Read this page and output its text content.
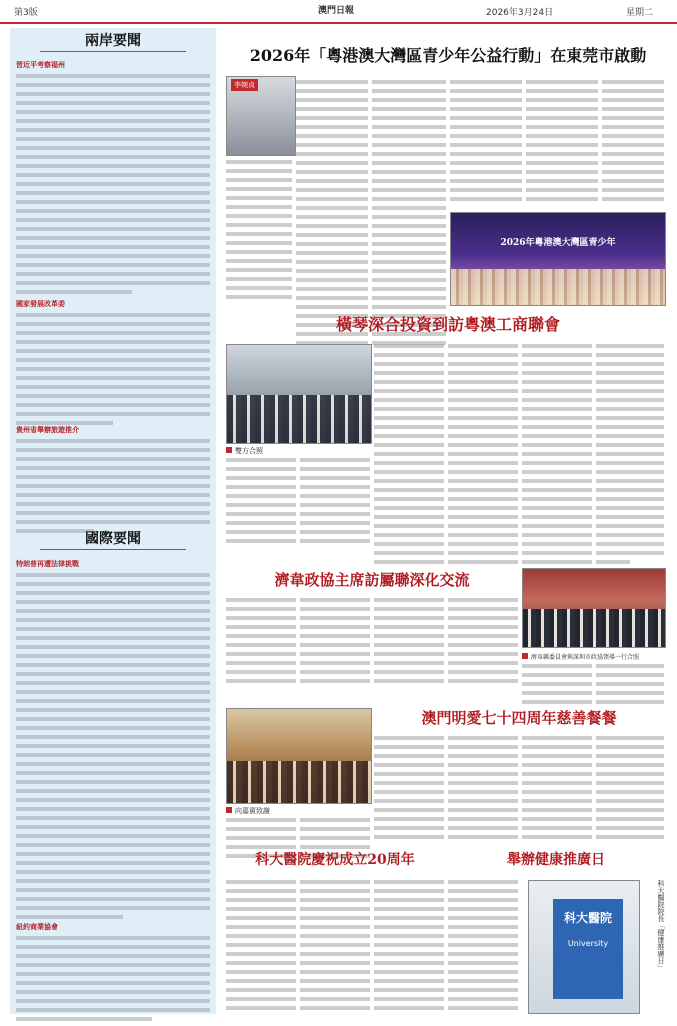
第3版	澳門日報	2026年3月24日	星期二
兩岸要聞
習近平考察福州
國家發展改革委
貴州省舉辦旅遊推介
國際要聞
特朗普再遭法律挑戰
紐約商業協會
2026年「粵港澳大灣區青少年公益行動」在東莞市啟動
李婉貞
2026年粵港澳大灣區青少年
橫琴深合投資到訪粵澳工商聯會
雙方合照
濟韋政協主席訪屬聯深化交流
濟韋縣委員會與深圳市政協領導一行合照
澳門明愛七十四周年慈善餐餐
向嘉賓致謝
科大醫院慶祝成立20周年	舉辦健康推廣日
科大醫院
University	科大醫院院長「健康推廣日」
